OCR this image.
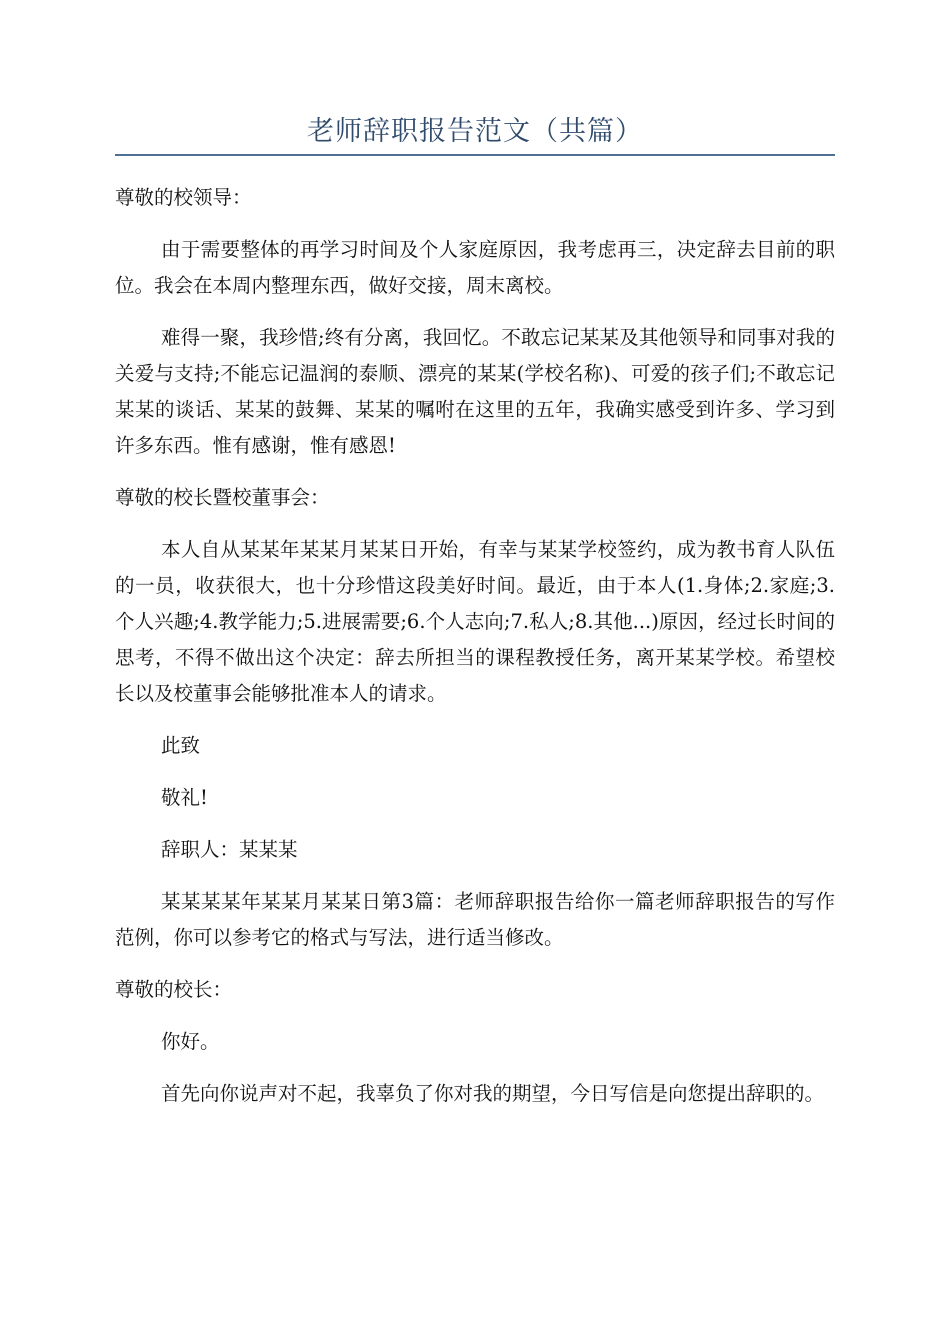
老师辞职报告范文（共篇）

尊敬的校领导：

由于需要整体的再学习时间及个人家庭原因，我考虑再三，决定辞去目前的职位。我会在本周内整理东西，做好交接，周末离校。

难得一聚，我珍惜;终有分离，我回忆。不敢忘记某某及其他领导和同事对我的关爱与支持;不能忘记温润的泰顺、漂亮的某某(学校名称)、可爱的孩子们;不敢忘记某某的谈话、某某的鼓舞、某某的嘱咐在这里的五年，我确实感受到许多、学习到许多东西。惟有感谢，惟有感恩!

尊敬的校长暨校董事会：

本人自从某某年某某月某某日开始，有幸与某某学校签约，成为教书育人队伍的一员，收获很大，也十分珍惜这段美好时间。最近，由于本人(1.身体;2.家庭;3.个人兴趣;4.教学能力;5.进展需要;6.个人志向;7.私人;8.其他...)原因，经过长时间的思考，不得不做出这个决定：辞去所担当的课程教授任务，离开某某学校。希望校长以及校董事会能够批准本人的请求。

此致

敬礼!

辞职人：某某某

某某某某年某某月某某日第3篇：老师辞职报告给你一篇老师辞职报告的写作范例，你可以参考它的格式与写法，进行适当修改。

尊敬的校长：

你好。

首先向你说声对不起，我辜负了你对我的期望，今日写信是向您提出辞职的。
